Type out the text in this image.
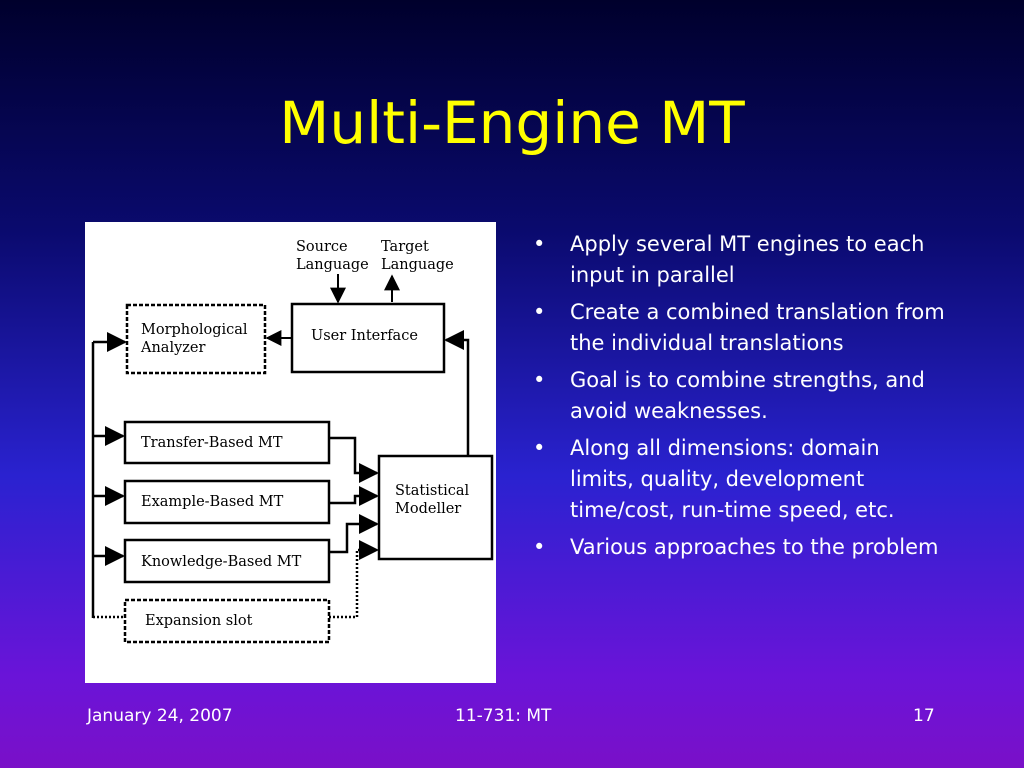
Multi-Engine MT
Source
Language
Target
Language
Morphological
Analyzer
User Interface
Transfer-Based MT
Example-Based MT
Knowledge-Based MT
Expansion slot
Statistical
Modeller
• Apply several MT engines to each input in parallel
• Create a combined translation from the individual translations
• Goal is to combine strengths, and avoid weaknesses.
• Along all dimensions: domain limits, quality, development time/cost, run-time speed, etc.
• Various approaches to the problem
January 24, 2007	11-731: MT	17
